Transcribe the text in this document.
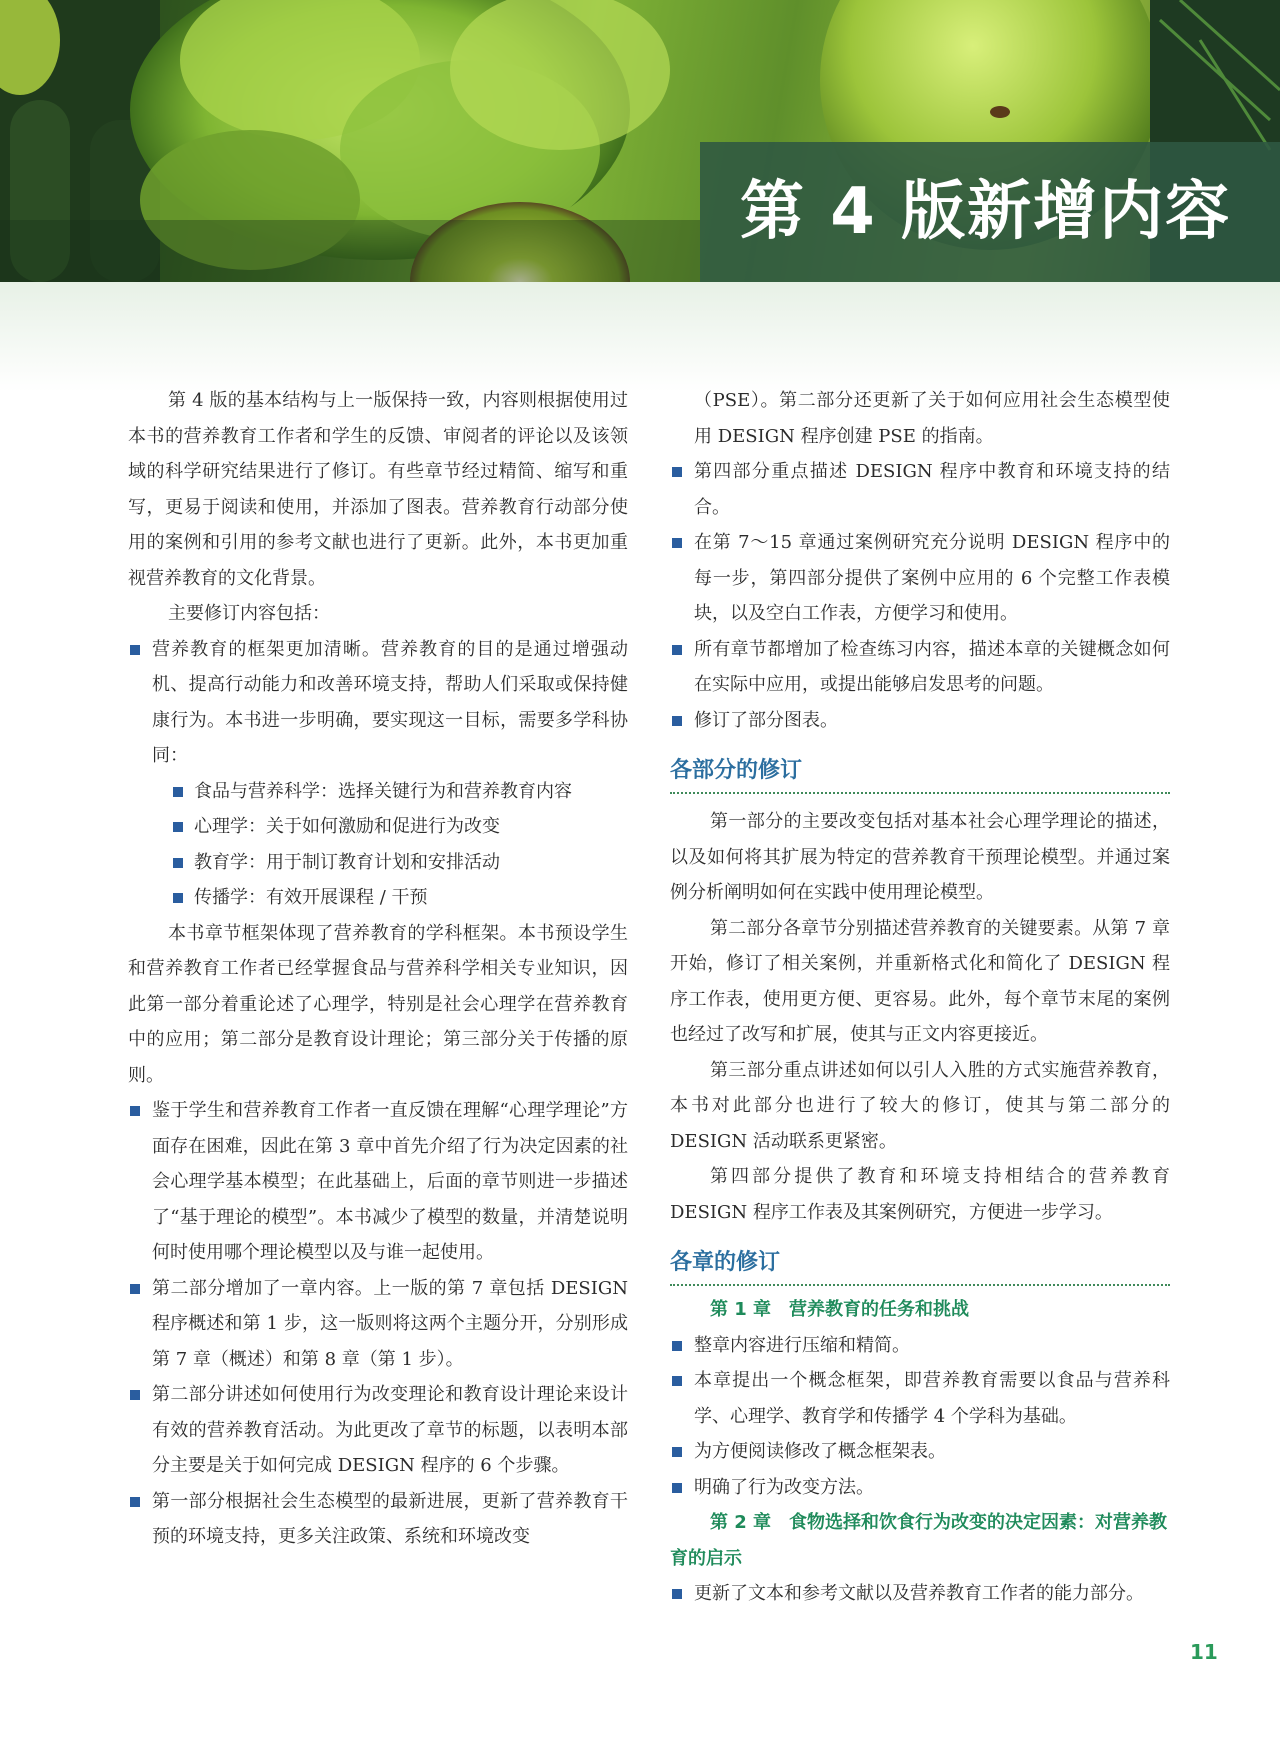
第 4 版新增内容

第 4 版的基本结构与上一版保持一致，内容则根据使用过本书的营养教育工作者和学生的反馈、审阅者的评论以及该领域的科学研究结果进行了修订。有些章节经过精简、缩写和重写，更易于阅读和使用，并添加了图表。营养教育行动部分使用的案例和引用的参考文献也进行了更新。此外，本书更加重视营养教育的文化背景。

主要修订内容包括：

营养教育的框架更加清晰。营养教育的目的是通过增强动机、提高行动能力和改善环境支持，帮助人们采取或保持健康行为。本书进一步明确，要实现这一目标，需要多学科协同：
食品与营养科学：选择关键行为和营养教育内容
心理学：关于如何激励和促进行为改变
教育学：用于制订教育计划和安排活动
传播学：有效开展课程 / 干预

本书章节框架体现了营养教育的学科框架。本书预设学生和营养教育工作者已经掌握食品与营养科学相关专业知识，因此第一部分着重论述了心理学，特别是社会心理学在营养教育中的应用；第二部分是教育设计理论；第三部分关于传播的原则。

鉴于学生和营养教育工作者一直反馈在理解“心理学理论”方面存在困难，因此在第 3 章中首先介绍了行为决定因素的社会心理学基本模型；在此基础上，后面的章节则进一步描述了“基于理论的模型”。本书减少了模型的数量，并清楚说明何时使用哪个理论模型以及与谁一起使用。
第二部分增加了一章内容。上一版的第 7 章包括 DESIGN 程序概述和第 1 步，这一版则将这两个主题分开，分别形成第 7 章（概述）和第 8 章（第 1 步）。
第二部分讲述如何使用行为改变理论和教育设计理论来设计有效的营养教育活动。为此更改了章节的标题，以表明本部分主要是关于如何完成 DESIGN 程序的 6 个步骤。
第一部分根据社会生态模型的最新进展，更新了营养教育干预的环境支持，更多关注政策、系统和环境改变
（PSE）。第二部分还更新了关于如何应用社会生态模型使用 DESIGN 程序创建 PSE 的指南。
第四部分重点描述 DESIGN 程序中教育和环境支持的结合。
在第 7～15 章通过案例研究充分说明 DESIGN 程序中的每一步，第四部分提供了案例中应用的 6 个完整工作表模块，以及空白工作表，方便学习和使用。
所有章节都增加了检查练习内容，描述本章的关键概念如何在实际中应用，或提出能够启发思考的问题。
修订了部分图表。
各部分的修订

第一部分的主要改变包括对基本社会心理学理论的描述，以及如何将其扩展为特定的营养教育干预理论模型。并通过案例分析阐明如何在实践中使用理论模型。

第二部分各章节分别描述营养教育的关键要素。从第 7 章开始，修订了相关案例，并重新格式化和简化了 DESIGN 程序工作表，使用更方便、更容易。此外，每个章节末尾的案例也经过了改写和扩展，使其与正文内容更接近。

第三部分重点讲述如何以引人入胜的方式实施营养教育，本书对此部分也进行了较大的修订，使其与第二部分的 DESIGN 活动联系更紧密。

第四部分提供了教育和环境支持相结合的营养教育 DESIGN 程序工作表及其案例研究，方便进一步学习。

各章的修订

第 1 章　营养教育的任务和挑战

整章内容进行压缩和精简。
本章提出一个概念框架，即营养教育需要以食品与营养科学、心理学、教育学和传播学 4 个学科为基础。
为方便阅读修改了概念框架表。
明确了行为改变方法。

第 2 章　食物选择和饮食行为改变的决定因素：对营养教育的启示

更新了文本和参考文献以及营养教育工作者的能力部分。
11
